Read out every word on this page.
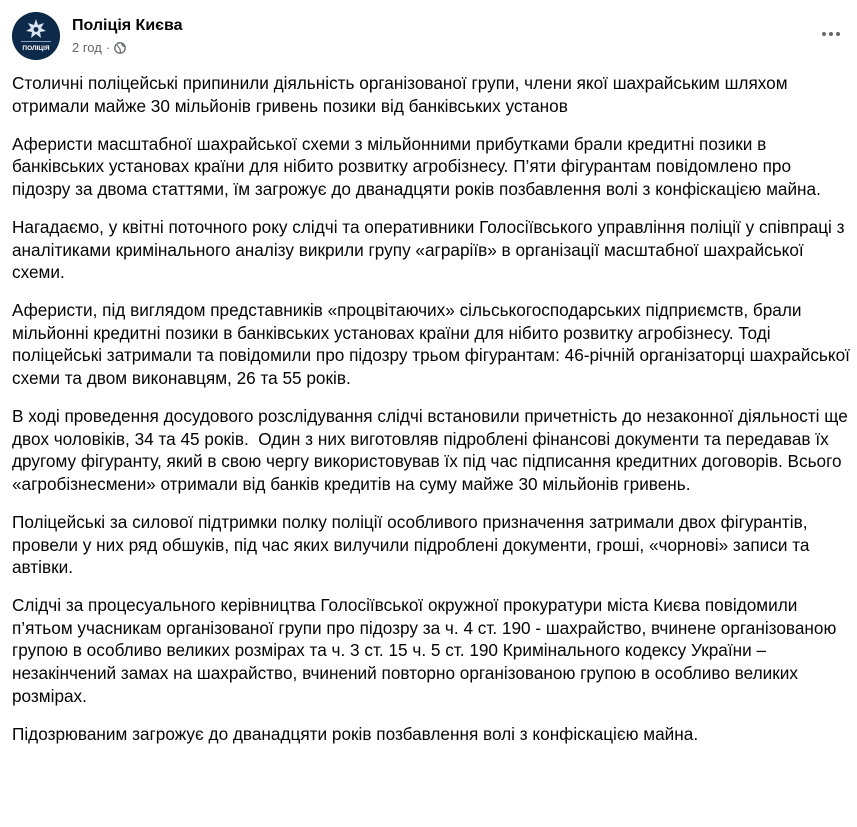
ПОЛІЦІЯ
Поліція Києва
2 год ·

Столичні поліцейські припинили діяльність організованої групи, члени якої шахрайським шляхом отримали майже 30 мільйонів гривень позики від банківських установ

Аферисти масштабної шахрайської схеми з мільйонними прибутками брали кредитні позики в банківських установах країни для нібито розвитку агробізнесу. П’яти фігурантам повідомлено про підозру за двома статтями, їм загрожує до дванадцяти років позбавлення волі з конфіскацією майна.

Нагадаємо, у квітні поточного року слідчі та оперативники Голосіївського управління поліції у співпраці з аналітиками кримінального аналізу викрили групу «аграріїв» в організації масштабної шахрайської схеми.

Аферисти, під виглядом представників «процвітаючих» сільськогосподарських підприємств, брали мільйонні кредитні позики в банківських установах країни для нібито розвитку агробізнесу. Тоді поліцейські затримали та повідомили про підозру трьом фігурантам: 46-річній організаторці шахрайської схеми та двом виконавцям, 26 та 55 років.

В ході проведення досудового розслідування слідчі встановили причетність до незаконної діяльності ще двох чоловіків, 34 та 45 років.  Один з них виготовляв підроблені фінансові документи та передавав їх другому фігуранту, який в свою чергу використовував їх під час підписання кредитних договорів. Всього «агробізнесмени» отримали від банків кредитів на суму майже 30 мільйонів гривень.

Поліцейські за силової підтримки полку поліції особливого призначення затримали двох фігурантів, провели у них ряд обшуків, під час яких вилучили підроблені документи, гроші, «чорнові» записи та автівки.

Слідчі за процесуального керівництва Голосіївської окружної прокуратури міста Києва повідомили п’ятьом учасникам організованої групи про підозру за ч. 4 ст. 190 - шахрайство, вчинене організованою групою в особливо великих розмірах та ч. 3 ст. 15 ч. 5 ст. 190 Кримінального кодексу України – незакінчений замах на шахрайство, вчинений повторно організованою групою в особливо великих розмірах.

Підозрюваним загрожує до дванадцяти років позбавлення волі з конфіскацією майна.
